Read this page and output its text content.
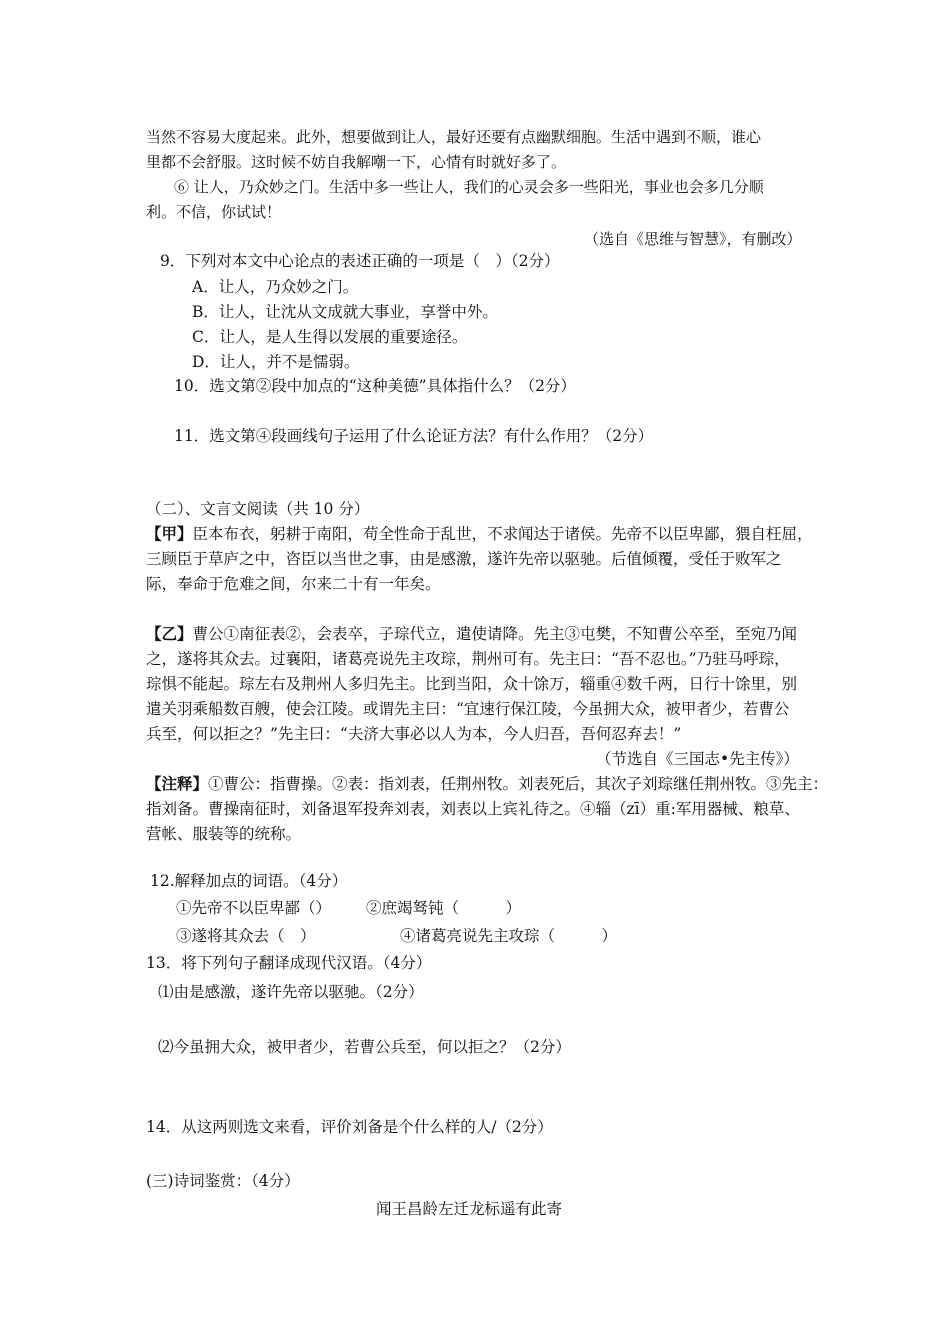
当然不容易大度起来。此外，想要做到让人，最好还要有点幽默细胞。生活中遇到不顺，谁心
里都不会舒服。这时候不妨自我解嘲一下，心情有时就好多了。
⑥ 让人，乃众妙之门。生活中多一些让人，我们的心灵会多一些阳光，事业也会多几分顺
利。不信，你试试！
（选自《思维与智慧》，有删改）
9．下列对本文中心论点的表述正确的一项是（　）（2分）
A．让人，乃众妙之门。
B．让人，让沈从文成就大事业，享誉中外。
C．让人，是人生得以发展的重要途径。
D．让人，并不是懦弱。
10．选文第②段中加点的“这种美德”具体指什么？（2分）
11．选文第④段画线句子运用了什么论证方法？有什么作用？（2分）
（二）、文言文阅读（共 10 分）
【甲】臣本布衣，躬耕于南阳，苟全性命于乱世，不求闻达于诸侯。先帝不以臣卑鄙，猥自枉屈，
三顾臣于草庐之中，咨臣以当世之事，由是感激，遂许先帝以驱驰。后值倾覆，受任于败军之
际，奉命于危难之间，尔来二十有一年矣。
【乙】曹公①南征表②，会表卒，子琮代立，遣使请降。先主③屯樊，不知曹公卒至，至宛乃闻
之，遂将其众去。过襄阳，诸葛亮说先主攻琮，荆州可有。先主曰：“吾不忍也。”乃驻马呼琮，
琮惧不能起。琮左右及荆州人多归先主。比到当阳，众十馀万，辎重④数千两，日行十馀里，别
遣关羽乘船数百艘，使会江陵。或谓先主曰：“宜速行保江陵，今虽拥大众，被甲者少，若曹公
兵至，何以拒之？”先主曰：“夫济大事必以人为本，今人归吾，吾何忍弃去！”
（节选自《三国志•先主传》）
【注释】①曹公：指曹操。②表：指刘表，任荆州牧。刘表死后，其次子刘琮继任荆州牧。③先主：
指刘备。曹操南征时，刘备退军投奔刘表，刘表以上宾礼待之。④辎（zī）重:军用器械、粮草、
营帐、服装等的统称。
12.解释加点的词语。（4分）
①先帝不以臣卑鄙（） ②庶竭驽钝（　　　）
③遂将其众去（　）	④诸葛亮说先主攻琮（　　　）
13．将下列句子翻译成现代汉语。（4分）
⑴由是感激，遂许先帝以驱驰。（2分）
⑵今虽拥大众，被甲者少，若曹公兵至，何以拒之？（2分）
14．从这两则选文来看，评价刘备是个什么样的人/（2分）
(三)诗词鉴赏：（4分）
闻王昌龄左迁龙标遥有此寄
